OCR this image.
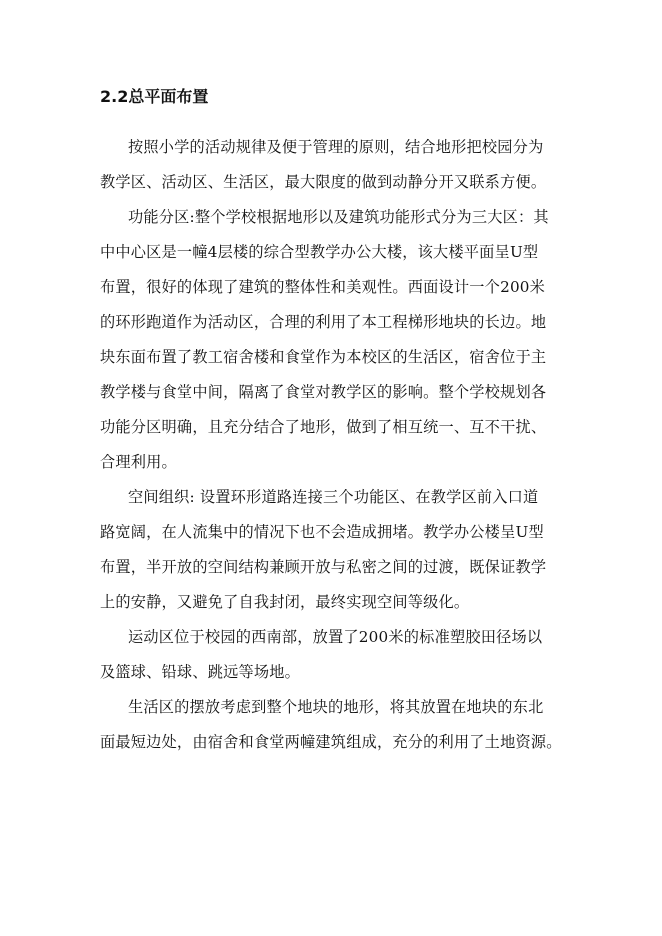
2.2总平面布置
按照小学的活动规律及便于管理的原则，结合地形把校园分为
教学区、活动区、生活区，最大限度的做到动静分开又联系方便。
功能分区:整个学校根据地形以及建筑功能形式分为三大区：其
中中心区是一幢4层楼的综合型教学办公大楼，该大楼平面呈U型
布置，很好的体现了建筑的整体性和美观性。西面设计一个200米
的环形跑道作为活动区，合理的利用了本工程梯形地块的长边。地
块东面布置了教工宿舍楼和食堂作为本校区的生活区，宿舍位于主
教学楼与食堂中间，隔离了食堂对教学区的影响。整个学校规划各
功能分区明确，且充分结合了地形，做到了相互统一、互不干扰、
合理利用。
空间组织: 设置环形道路连接三个功能区、在教学区前入口道
路宽阔，在人流集中的情况下也不会造成拥堵。教学办公楼呈U型
布置，半开放的空间结构兼顾开放与私密之间的过渡，既保证教学
上的安静，又避免了自我封闭，最终实现空间等级化。
运动区位于校园的西南部，放置了200米的标准塑胶田径场以
及篮球、铅球、跳远等场地。
生活区的摆放考虑到整个地块的地形，将其放置在地块的东北
面最短边处，由宿舍和食堂两幢建筑组成，充分的利用了土地资源。
